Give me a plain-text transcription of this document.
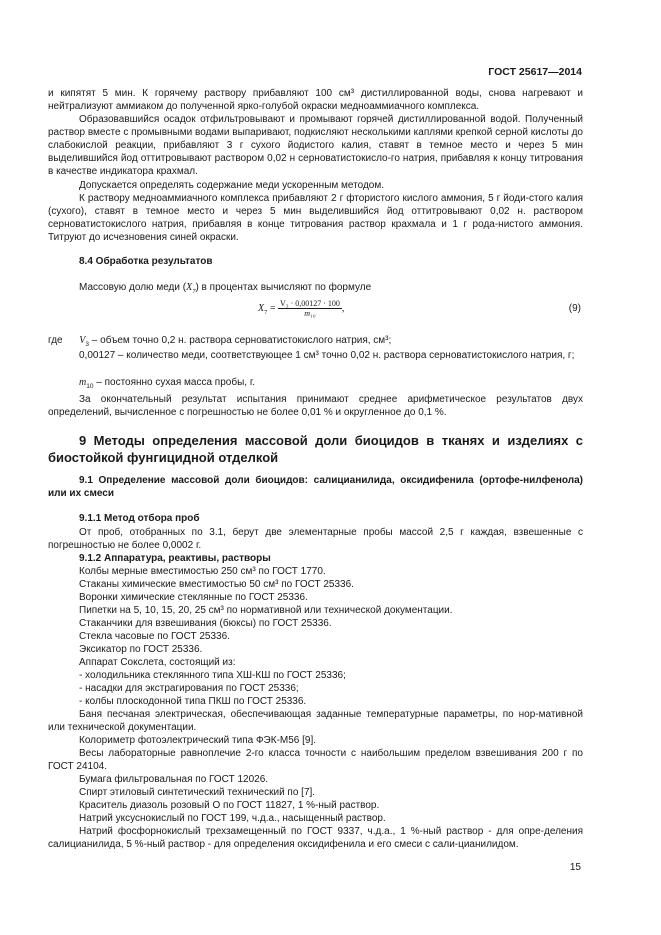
ГОСТ 25617—2014
и кипятят 5 мин. К горячему раствору прибавляют 100 см³ дистиллированной воды, снова нагревают и нейтрализуют аммиаком до полученной ярко-голубой окраски медноаммиачного комплекса.
Образовавшийся осадок отфильтровывают и промывают горячей дистиллированной водой. Полученный раствор вместе с промывными водами выпаривают, подкисляют несколькими каплями крепкой серной кислоты до слабокислой реакции, прибавляют 3 г сухого йодистого калия, ставят в темное место и через 5 мин выделившийся йод оттитровывают раствором 0,02 н серноватистокисло-го натрия, прибавляя к концу титрования в качестве индикатора крахмал.
Допускается определять содержание меди ускоренным методом.
К раствору медноаммиачного комплекса прибавляют 2 г фтористого кислого аммония, 5 г йоди-стого калия (сухого), ставят в темное место и через 5 мин выделившийся йод оттитровывают 0,02 н. раствором серноватистокислого натрия, прибавляя в конце титрования раствор крахмала и 1 г рода-нистого аммония. Титруют до исчезновения синей окраски.
8.4 Обработка результатов
Массовую долю меди $(X_7)$ в процентах вычисляют по формуле
$X_7 = \frac{\text{V₃ · 0,00127 · 100}}{\text{m₁₀}}$ ,	(9)
где $V_3$ – объем точно 0,2 н. раствора серноватистокислого натрия, см³;
0,00127 – количество меди, соответствующее 1 см³ точно 0,02 н. раствора серноватистокислого натрия, г;
$m_{10}$ – постоянно сухая масса пробы, г.
За окончательный результат испытания принимают среднее арифметическое результатов двух определений, вычисленное с погрешностью не более 0,01 % и округленное до 0,1 %.
9 Методы определения массовой доли биоцидов в тканях и изделиях с биостойкой фунгицидной отделкой
9.1 Определение массовой доли биоцидов: салицианилида, оксидифенила (ортофе-нилфенола) или их смеси
9.1.1 Метод отбора проб
От проб, отобранных по 3.1, берут две элементарные пробы массой 2,5 г каждая, взвешенные с погрешностью не более 0,0002 г.
9.1.2 Аппаратура, реактивы, растворы
Колбы мерные вместимостью 250 см³ по ГОСТ 1770.
Стаканы химические вместимостью 50 см³ по ГОСТ 25336.
Воронки химические стеклянные по ГОСТ 25336.
Пипетки на 5, 10, 15, 20, 25 см³ по нормативной или технической документации.
Стаканчики для взвешивания (бюксы) по ГОСТ 25336.
Стекла часовые по ГОСТ 25336.
Эксикатор по ГОСТ 25336.
Аппарат Сокслета, состоящий из:
- холодильника стеклянного типа ХШ-КШ по ГОСТ 25336;
- насадки для экстрагирования по ГОСТ 25336;
- колбы плоскодонной типа ПКШ по ГОСТ 25336.
Баня песчаная электрическая, обеспечивающая заданные температурные параметры, по нор-мативной или технической документации.
Колориметр фотоэлектрический типа ФЭК-М56 [9].
Весы лабораторные равноплечие 2-го класса точности с наибольшим пределом взвешивания 200 г по ГОСТ 24104.
Бумага фильтровальная по ГОСТ 12026.
Спирт этиловый синтетический технический по [7].
Краситель диазоль розовый О по ГОСТ 11827, 1 %-ный раствор.
Натрий уксуснокислый по ГОСТ 199, ч.д.а., насыщенный раствор.
Натрий фосфорнокислый трехзамещенный по ГОСТ 9337, ч.д.а., 1 %-ный раствор - для опре-деления салицианилида, 5 %-ный раствор - для определения оксидифенила и его смеси с сали-цианилидом.
15
